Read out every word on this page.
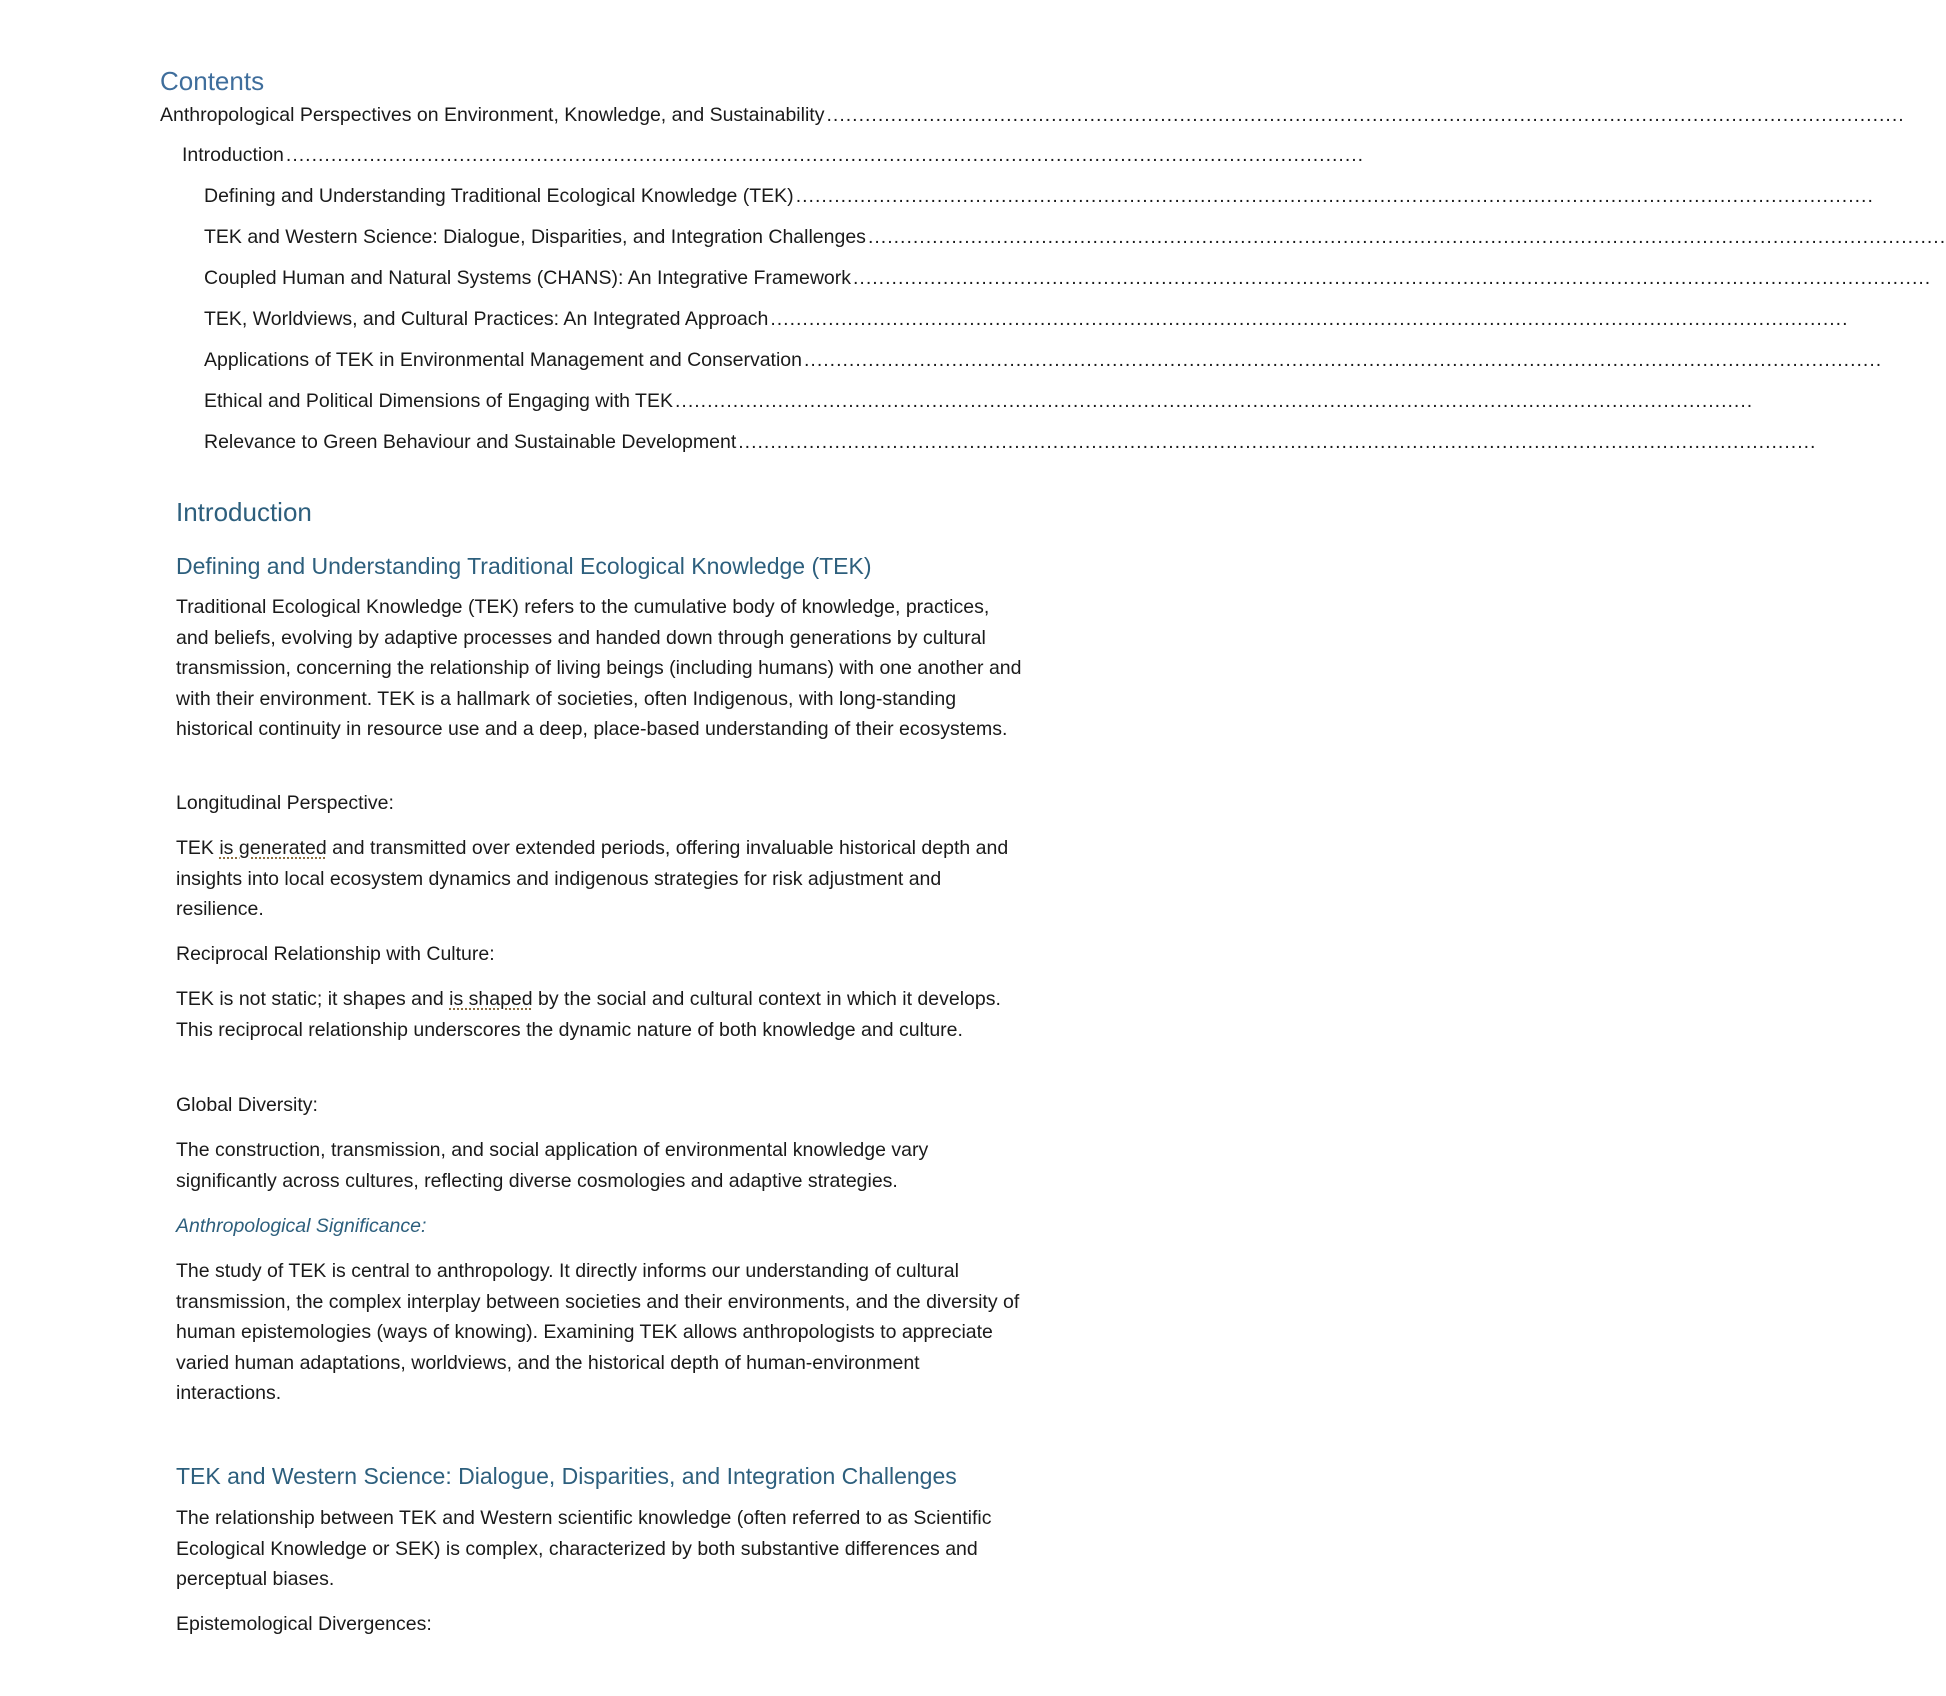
Contents
Anthropological Perspectives on Environment, Knowledge, and Sustainability ........................................................................................................................................................................
Introduction ........................................................................................................................................................................
Defining and Understanding Traditional Ecological Knowledge (TEK) ........................................................................................................................................................................
TEK and Western Science: Dialogue, Disparities, and Integration Challenges ........................................................................................................................................................................
Coupled Human and Natural Systems (CHANS): An Integrative Framework ........................................................................................................................................................................
TEK, Worldviews, and Cultural Practices: An Integrated Approach ........................................................................................................................................................................
Applications of TEK in Environmental Management and Conservation ........................................................................................................................................................................
Ethical and Political Dimensions of Engaging with TEK ........................................................................................................................................................................
Relevance to Green Behaviour and Sustainable Development ........................................................................................................................................................................
Introduction
Defining and Understanding Traditional Ecological Knowledge (TEK)

Traditional Ecological Knowledge (TEK) refers to the cumulative body of knowledge, practices, and beliefs, evolving by adaptive processes and handed down through generations by cultural transmission, concerning the relationship of living beings (including humans) with one another and with their environment. TEK is a hallmark of societies, often Indigenous, with long-standing historical continuity in resource use and a deep, place-based understanding of their ecosystems.

Longitudinal Perspective:

TEK is generated and transmitted over extended periods, offering invaluable historical depth and insights into local ecosystem dynamics and indigenous strategies for risk adjustment and resilience.

Reciprocal Relationship with Culture:

TEK is not static; it shapes and is shaped by the social and cultural context in which it develops. This reciprocal relationship underscores the dynamic nature of both knowledge and culture.

Global Diversity:

The construction, transmission, and social application of environmental knowledge vary significantly across cultures, reflecting diverse cosmologies and adaptive strategies.

Anthropological Significance:

The study of TEK is central to anthropology. It directly informs our understanding of cultural transmission, the complex interplay between societies and their environments, and the diversity of human epistemologies (ways of knowing). Examining TEK allows anthropologists to appreciate varied human adaptations, worldviews, and the historical depth of human-environment interactions.

TEK and Western Science: Dialogue, Disparities, and Integration Challenges

The relationship between TEK and Western scientific knowledge (often referred to as Scientific Ecological Knowledge or SEK) is complex, characterized by both substantive differences and perceptual biases.

Epistemological Divergences:
